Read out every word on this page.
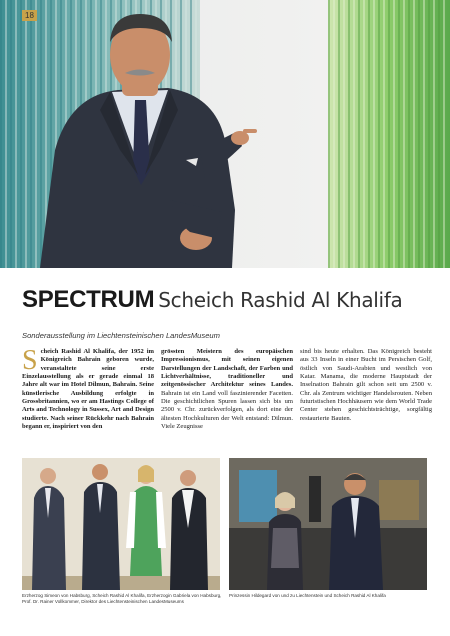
18
SPECTRUM Scheich Rashid Al Khalifa
Sonderausstellung im Liechtensteinischen LandesMuseum
Scheich Rashid Al Khalifa, der 1952 im Königreich Bahrain geboren wurde, veranstaltete seine erste Einzelausstellung als er gerade einmal 18 Jahre alt war im Hotel Dilmun, Bahrain. Seine künstlerische Ausbildung erfolgte in Grossbritannien, wo er am Hastings College of Arts and Technology in Sussex, Art and Design studierte. Nach seiner Rückkehr nach Bahrain begann er, inspiriert von den
grössten Meistern des europäischen Impressionismus, mit seinen eigenen Darstellungen der Landschaft, der Farben und Lichtverhältnisse, traditioneller und zeitgenössischer Architektur seines Landes. Bahrain ist ein Land voll faszinierender Facetten. Die geschichtlichen Spuren lassen sich bis um 2500 v. Chr. zurückverfolgen, als dort eine der ältesten Hochkulturen der Welt entstand: Dilmun. Viele Zeugnisse
sind bis heute erhalten. Das Königreich besteht aus 33 Inseln in einer Bucht im Persischen Golf, östlich von Saudi-Arabien und westlich von Katar. Manama, die moderne Hauptstadt der Inselnation Bahrain gilt schon seit um 2500 v. Chr. als Zentrum wichtiger Handelsrouten. Neben futuristischen Hochhäusern wie dem World Trade Center stehen geschichtsträchtige, sorgfältig restaurierte Bauten.
Erzherzog Simeon von Habsburg, Scheich Rashid Al Khalifa, Erzherzogin Gabriela von Habsburg, Prof. Dr. Rainer Vollkommer, Direktor des Liechtensteinischen LandesMuseums
Prinzessin Hildegard von und zu Liechtenstein und Scheich Rashid Al Khalifa
